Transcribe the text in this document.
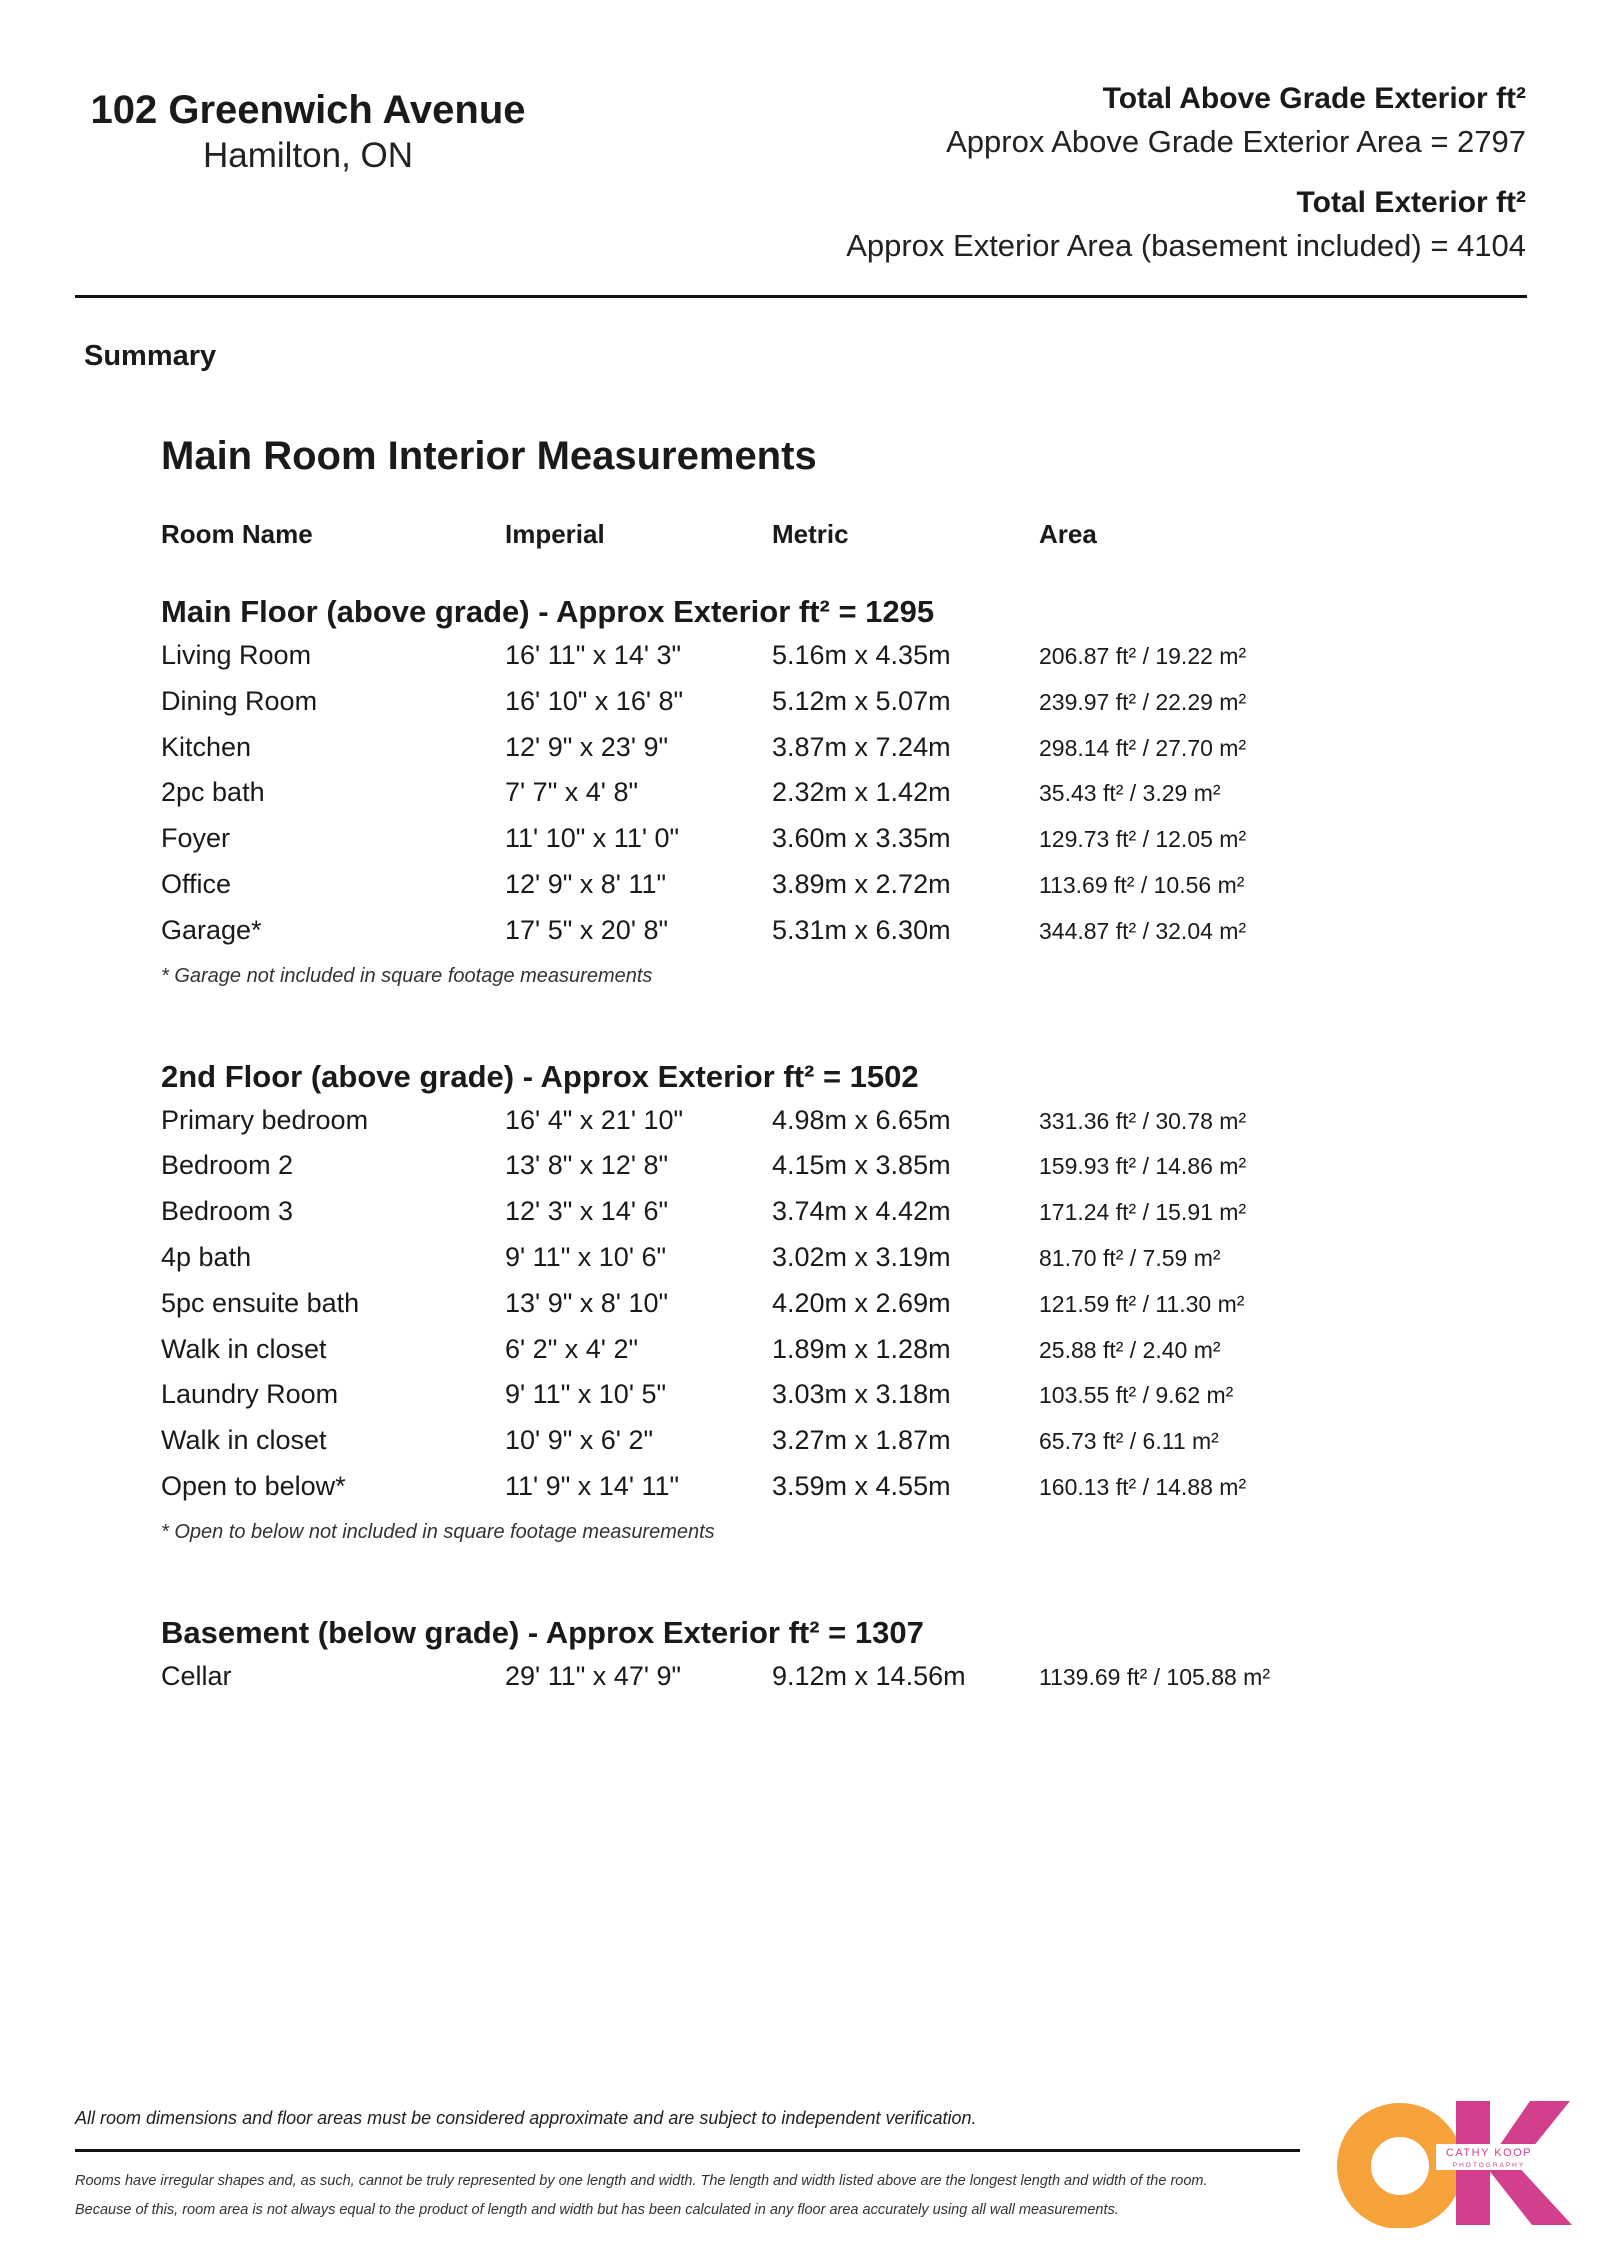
102 Greenwich Avenue
Hamilton, ON
Total Above Grade Exterior ft²
Approx Above Grade Exterior Area = 2797
Total Exterior ft²
Approx Exterior Area (basement included) = 4104
Summary
Main Room Interior Measurements
Room Name	Imperial	Metric	Area
Main Floor (above grade) - Approx Exterior ft² = 1295
Living Room	16' 11" x 14' 3"	5.16m x 4.35m	206.87 ft² / 19.22 m²
Dining Room	16' 10" x 16' 8"	5.12m x 5.07m	239.97 ft² / 22.29 m²
Kitchen	12' 9" x 23' 9"	3.87m x 7.24m	298.14 ft² / 27.70 m²
2pc bath	7' 7" x 4' 8"	2.32m x 1.42m	35.43 ft² / 3.29 m²
Foyer	11' 10" x 11' 0"	3.60m x 3.35m	129.73 ft² / 12.05 m²
Office	12' 9" x 8' 11"	3.89m x 2.72m	113.69 ft² / 10.56 m²
Garage*	17' 5" x 20' 8"	5.31m x 6.30m	344.87 ft² / 32.04 m²
* Garage not included in square footage measurements
2nd Floor (above grade) - Approx Exterior ft² = 1502
Primary bedroom	16' 4" x 21' 10"	4.98m x 6.65m	331.36 ft² / 30.78 m²
Bedroom 2	13' 8" x 12' 8"	4.15m x 3.85m	159.93 ft² / 14.86 m²
Bedroom 3	12' 3" x 14' 6"	3.74m x 4.42m	171.24 ft² / 15.91 m²
4p bath	9' 11" x 10' 6"	3.02m x 3.19m	81.70 ft² / 7.59 m²
5pc ensuite bath	13' 9" x 8' 10"	4.20m x 2.69m	121.59 ft² / 11.30 m²
Walk in closet	6' 2" x 4' 2"	1.89m x 1.28m	25.88 ft² / 2.40 m²
Laundry Room	9' 11" x 10' 5"	3.03m x 3.18m	103.55 ft² / 9.62 m²
Walk in closet	10' 9" x 6' 2"	3.27m x 1.87m	65.73 ft² / 6.11 m²
Open to below*	11' 9" x 14' 11"	3.59m x 4.55m	160.13 ft² / 14.88 m²
* Open to below not included in square footage measurements
Basement (below grade) - Approx Exterior ft² = 1307
Cellar	29' 11" x 47' 9"	9.12m x 14.56m	1139.69 ft² / 105.88 m²
All room dimensions and floor areas must be considered approximate and are subject to independent verification.
Rooms have irregular shapes and, as such, cannot be truly represented by one length and width. The length and width listed above are the longest length and width of the room.
Because of this, room area is not always equal to the product of length and width but has been calculated in any floor area accurately using all wall measurements.
CATHY KOOP
PHOTOGRAPHY
